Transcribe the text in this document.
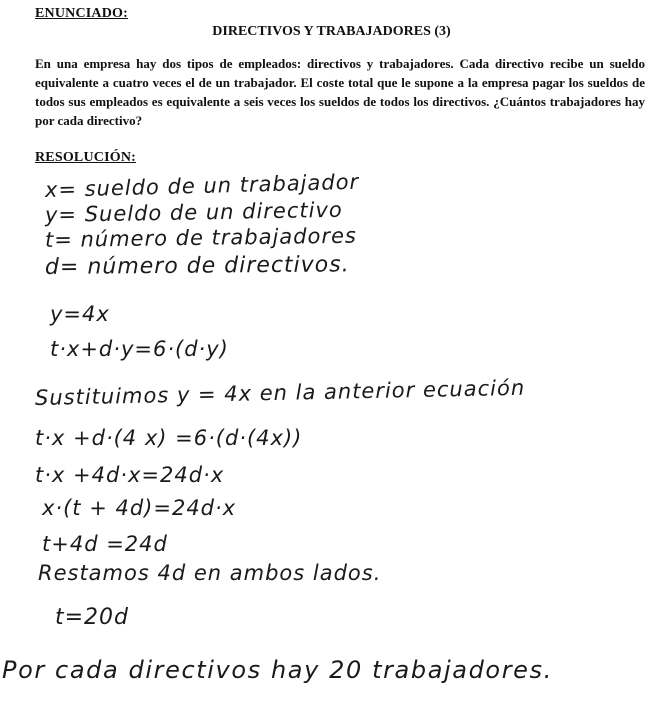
ENUNCIADO:
DIRECTIVOS Y TRABAJADORES (3)

En una empresa hay dos tipos de empleados: directivos y trabajadores. Cada directivo recibe un sueldo equivalente a cuatro veces el de un trabajador. El coste total que le supone a la empresa pagar los sueldos de todos sus empleados es equivalente a seis veces los sueldos de todos los directivos. ¿Cuántos trabajadores hay por cada directivo?

RESOLUCIÓN:
x= sueldo de un trabajador
y= Sueldo de un directivo
t= número de trabajadores
d= número de directivos.
y=4x
t·x+d·y=6·(d·y)
Sustituimos y = 4x en la anterior ecuación
t·x +d·(4 x) =6·(d·(4x))
t·x +4d·x=24d·x
x·(t + 4d)=24d·x
t+4d =24d
Restamos 4d en ambos lados.
t=20d
Por cada directivos hay 20 trabajadores.
